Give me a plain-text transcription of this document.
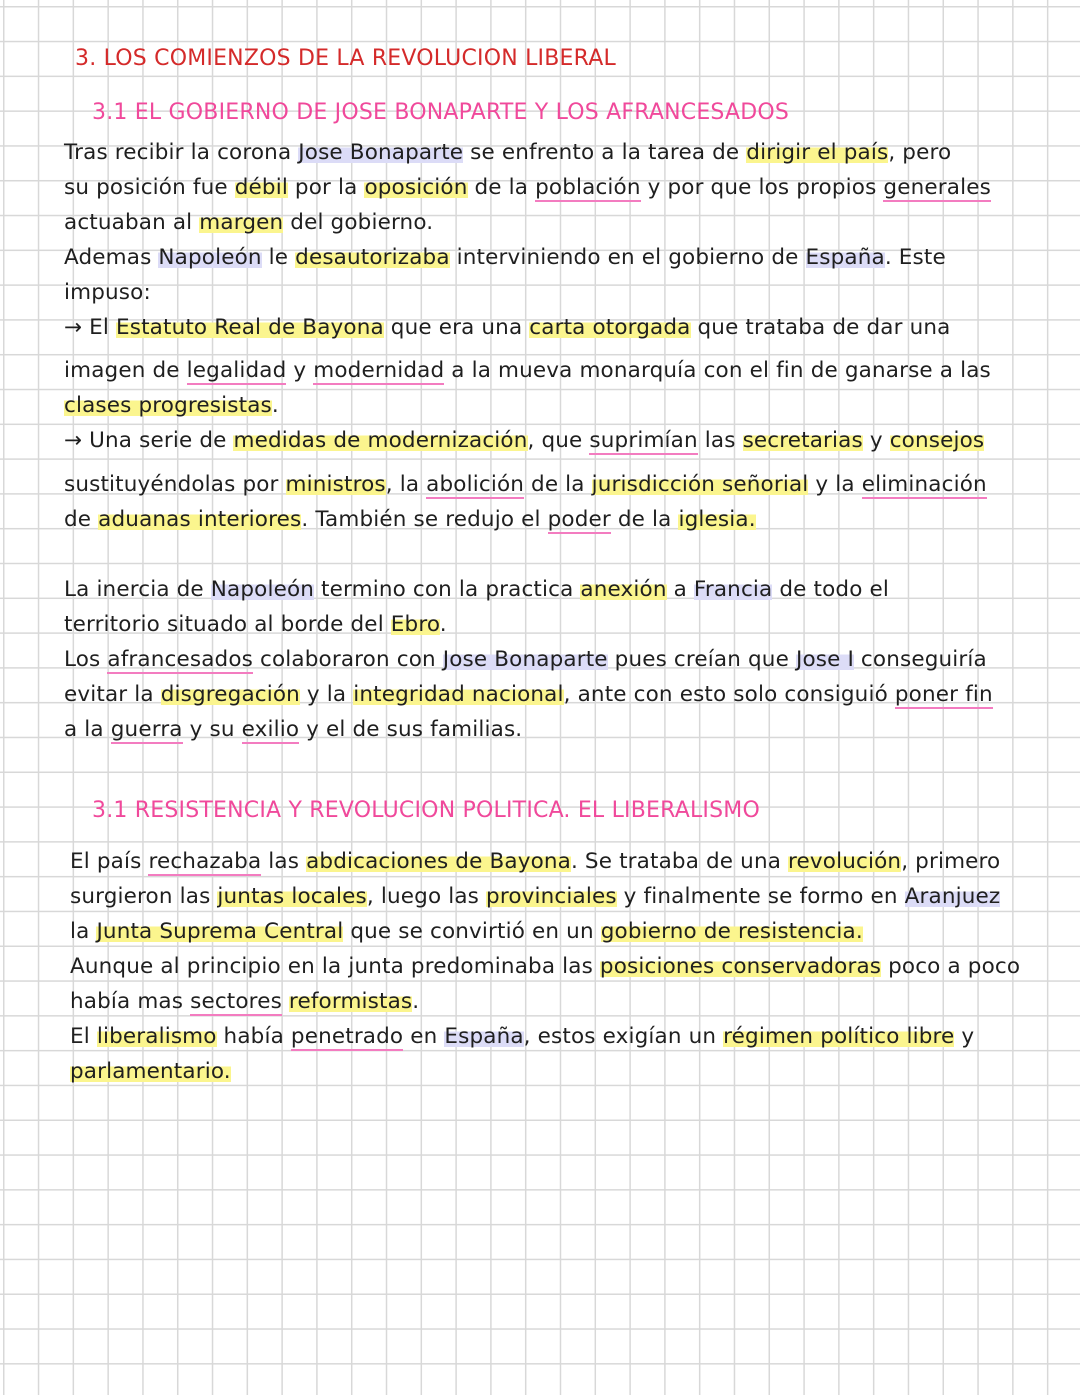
3. LOS COMIENZOS DE LA REVOLUCION LIBERAL
3.1 EL GOBIERNO DE JOSE BONAPARTE Y LOS AFRANCESADOS
Tras recibir la corona Jose Bonaparte se enfrento a la tarea de dirigir el país, pero
su posición fue débil por la oposición de la población y por que los propios generales
actuaban al margen del gobierno.
Ademas Napoleón le desautorizaba interviniendo en el gobierno de España. Este
impuso:
→ El Estatuto Real de Bayona que era una carta otorgada que trataba de dar una
imagen de legalidad y modernidad a la mueva monarquía con el fin de ganarse a las
clases progresistas.
→ Una serie de medidas de modernización, que suprimían las secretarias y consejos
sustituyéndolas por ministros, la abolición de la jurisdicción señorial y la eliminación
de aduanas interiores. También se redujo el poder de la iglesia.
La inercia de Napoleón termino con la practica anexión a Francia de todo el
territorio situado al borde del Ebro.
Los afrancesados colaboraron con Jose Bonaparte pues creían que Jose I conseguiría
evitar la disgregación y la integridad nacional, ante con esto solo consiguió poner fin
a la guerra y su exilio y el de sus familias.
3.1 RESISTENCIA Y REVOLUCION POLITICA. EL LIBERALISMO
El país rechazaba las abdicaciones de Bayona. Se trataba de una revolución, primero
surgieron las juntas locales, luego las provinciales y finalmente se formo en Aranjuez
la Junta Suprema Central que se convirtió en un gobierno de resistencia.
Aunque al principio en la junta predominaba las posiciones conservadoras poco a poco
había mas sectores reformistas.
El liberalismo había penetrado en España, estos exigían un régimen político libre y
parlamentario.
